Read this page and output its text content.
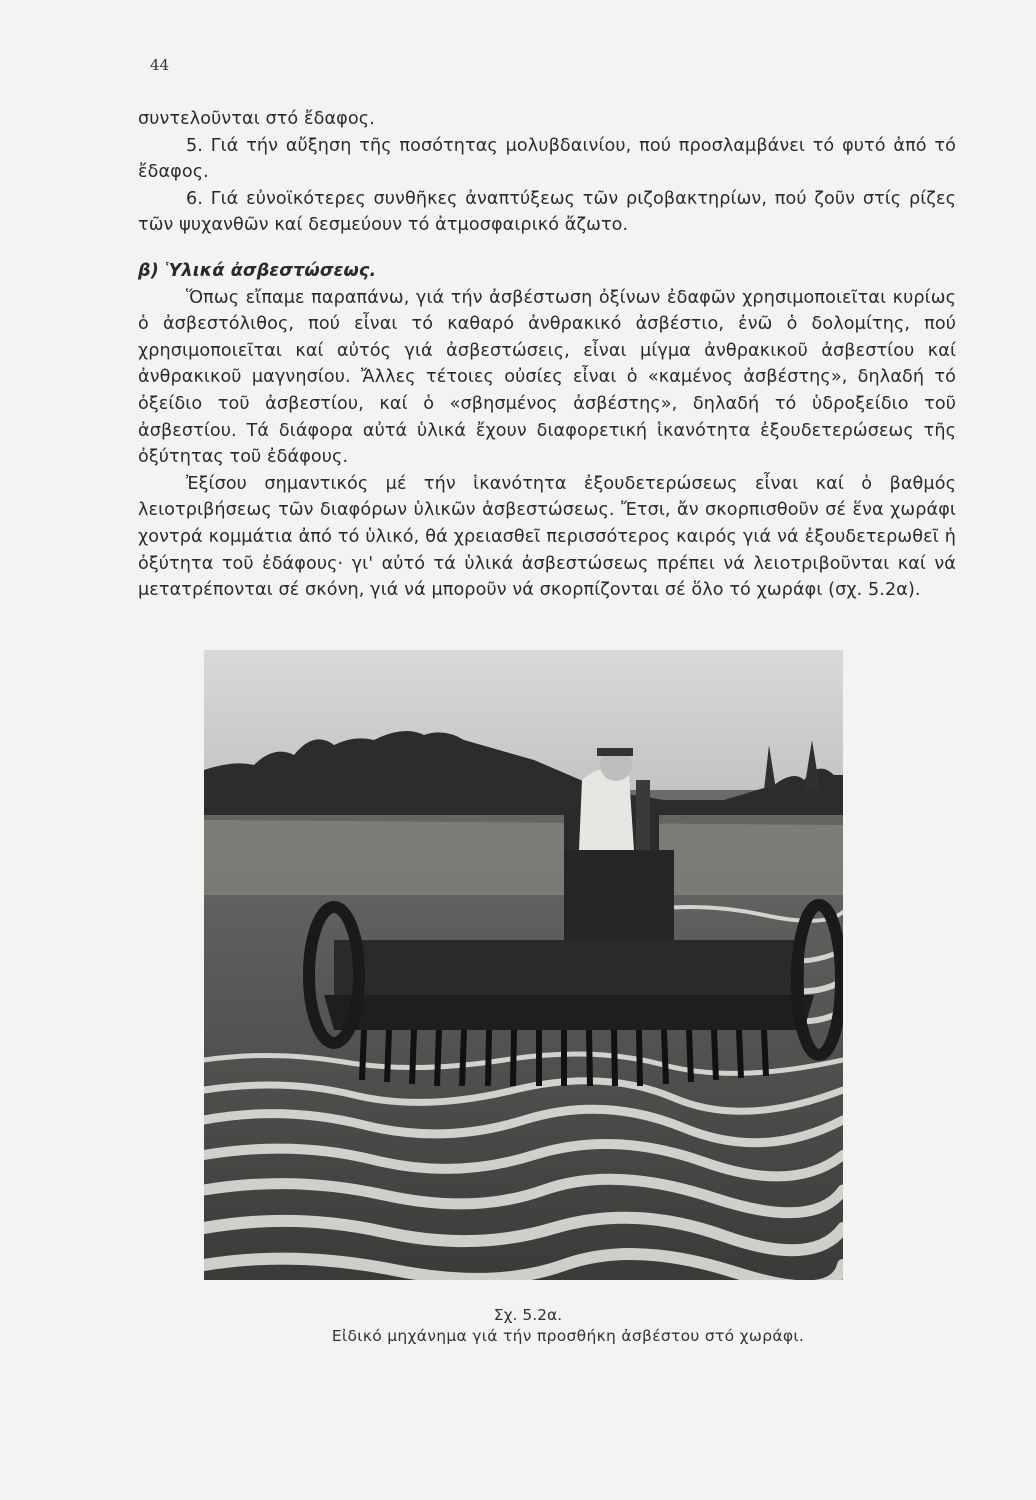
44

συντελοῦνται στό ἔδαφος.

5. Γιά τήν αὔξηση τῆς ποσότητας μολυβδαινίου, πού προσλαμβάνει τό φυτό ἀπό τό ἔδαφος.

6. Γιά εὐνοϊκότερες συνθῆκες ἀναπτύξεως τῶν ριζοβακτηρίων, πού ζοῦν στίς ρίζες τῶν ψυχανθῶν καί δεσμεύουν τό ἀτμοσφαιρικό ἄζωτο.

β) Ὑλικά ἀσβεστώσεως.

Ὅπως εἴπαμε παραπάνω, γιά τήν ἀσβέστωση ὀξίνων ἐδαφῶν χρησιμοποιεῖται κυρίως ὁ ἀσβεστόλιθος, πού εἶναι τό καθαρό ἀνθρακικό ἀσβέστιο, ἐνῶ ὁ δολομίτης, πού χρησιμοποιεῖται καί αὐτός γιά ἀσβεστώσεις, εἶναι μίγμα ἀνθρακικοῦ ἀσβεστίου καί ἀνθρακικοῦ μαγνησίου. Ἄλλες τέτοιες οὐσίες εἶναι ὁ «καμένος ἀσβέστης», δηλαδή τό ὀξείδιο τοῦ ἀσβεστίου, καί ὁ «σβησμένος ἀσβέστης», δηλαδή τό ὑδροξείδιο τοῦ ἀσβεστίου. Τά διάφορα αὐτά ὑλικά ἔχουν διαφορετική ἱκανότητα ἐξουδετερώσεως τῆς ὀξύτητας τοῦ ἐδάφους.

Ἐξίσου σημαντικός μέ τήν ἱκανότητα ἐξουδετερώσεως εἶναι καί ὁ βαθμός λειοτριβήσεως τῶν διαφόρων ὑλικῶν ἀσβεστώσεως. Ἔτσι, ἄν σκορπισθοῦν σέ ἕνα χωράφι χοντρά κομμάτια ἀπό τό ὑλικό, θά χρειασθεῖ περισσότερος καιρός γιά νά ἐξουδετερωθεῖ ἡ ὀξύτητα τοῦ ἐδάφους· γι' αὐτό τά ὑλικά ἀσβεστώσεως πρέπει νά λειοτριβοῦνται καί νά μετατρέπονται σέ σκόνη, γιά νά μποροῦν νά σκορπίζονται σέ ὅλο τό χωράφι (σχ. 5.2α).

Σχ. 5.2α.
Εἰδικό μηχάνημα γιά τήν προσθήκη ἀσβέστου στό χωράφι.
